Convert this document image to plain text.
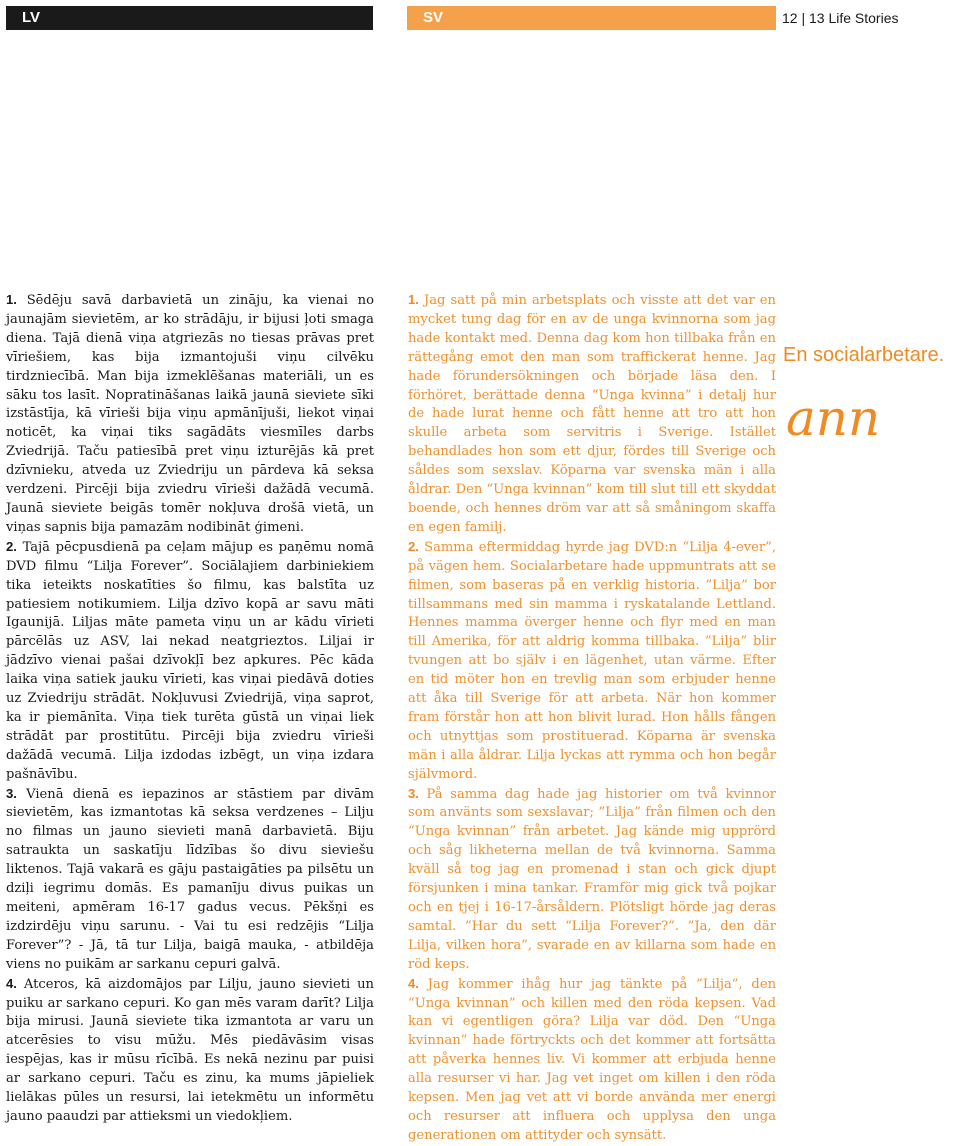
LV	SV	12 | 13 Life Stories

1. Sēdēju savā darbavietā un zināju, ka vienai no jaunajām sievietēm, ar ko strādāju, ir bijusi ļoti smaga diena. Tajā dienā viņa atgriezās no tiesas prāvas pret vīriešiem, kas bija izmantojuši viņu cilvēku tirdzniecībā. Man bija izmeklēšanas materiāli, un es sāku tos lasīt. Nopratināšanas laikā jaunā sieviete sīki izstāstīja, kā vīrieši bija viņu apmānījuši, liekot viņai noticēt, ka viņai tiks sagādāts viesmīles darbs Zviedrijā. Taču patiesībā pret viņu izturējās kā pret dzīvnieku, atveda uz Zviedriju un pārdeva kā seksa verdzeni. Pircēji bija zviedru vīrieši dažādā vecumā. Jaunā sieviete beigās tomēr nokļuva drošā vietā, un viņas sapnis bija pamazām nodibināt ģimeni.

2. Tajā pēcpusdienā pa ceļam mājup es paņēmu nomā DVD filmu “Lilja Forever”. Sociālajiem darbiniekiem tika ieteikts noskatīties šo filmu, kas balstīta uz patiesiem notikumiem. Lilja dzīvo kopā ar savu māti Igaunijā. Liljas māte pameta viņu un ar kādu vīrieti pārcēlās uz ASV, lai nekad neatgrieztos. Liljai ir jādzīvo vienai pašai dzīvokļī bez apkures. Pēc kāda laika viņa satiek jauku vīrieti, kas viņai piedāvā doties uz Zviedriju strādāt. Nokļuvusi Zviedrijā, viņa saprot, ka ir piemānīta. Viņa tiek turēta gūstā un viņai liek strādāt par prostitūtu. Pircēji bija zviedru vīrieši dažādā vecumā. Lilja izdodas izbēgt, un viņa izdara pašnāvību.

3. Vienā dienā es iepazinos ar stāstiem par divām sievietēm, kas izmantotas kā seksa verdzenes – Lilju no filmas un jauno sievieti manā darbavietā. Biju satraukta un saskatīju līdzības šo divu sieviešu liktenos. Tajā vakarā es gāju pastaigāties pa pilsētu un dziļi iegrimu domās. Es pamanīju divus puikas un meiteni, apmēram 16-17 gadus vecus. Pēkšņi es izdzirdēju viņu sarunu. - Vai tu esi redzējis “Lilja Forever”? - Jā, tā tur Lilja, baigā mauka, - atbildēja viens no puikām ar sarkanu cepuri galvā.

4. Atceros, kā aizdomājos par Lilju, jauno sievieti un puiku ar sarkano cepuri. Ko gan mēs varam darīt? Lilja bija mirusi. Jaunā sieviete tika izmantota ar varu un atcerēsies to visu mūžu. Mēs piedāvāsim visas iespējas, kas ir mūsu rīcībā. Es nekā nezinu par puisi ar sarkano cepuri. Taču es zinu, ka mums jāpieliek lielākas pūles un resursi, lai ietekmētu un informētu jauno paaudzi par attieksmi un viedokļiem.

1. Jag satt på min arbetsplats och visste att det var en mycket tung dag för en av de unga kvinnorna som jag hade kontakt med. Denna dag kom hon tillbaka från en rättegång emot den man som traffickerat henne. Jag hade förundersökningen och började läsa den. I förhöret, berättade denna “Unga kvinna” i detalj hur de hade lurat henne och fått henne att tro att hon skulle arbeta som servitris i Sverige. Istället behandlades hon som ett djur, fördes till Sverige och såldes som sexslav. Köparna var svenska män i alla åldrar. Den “Unga kvinnan” kom till slut till ett skyddat boende, och hennes dröm var att så småningom skaffa en egen familj.

2. Samma eftermiddag hyrde jag DVD:n “Lilja 4-ever”, på vägen hem. Socialarbetare hade uppmuntrats att se filmen, som baseras på en verklig historia. ”Lilja” bor tillsammans med sin mamma i ryskatalande Lettland. Hennes mamma överger henne och flyr med en man till Amerika, för att aldrig komma tillbaka. ”Lilja” blir tvungen att bo själv i en lägenhet, utan värme. Efter en tid möter hon en trevlig man som erbjuder henne att åka till Sverige för att arbeta. När hon kommer fram förstår hon att hon blivit lurad. Hon hålls fången och utnyttjas som prostituerad. Köparna är svenska män i alla åldrar. Lilja lyckas att rymma och hon begår självmord.

3. På samma dag hade jag historier om två kvinnor som använts som sexslavar; ”Lilja” från filmen och den “Unga kvinnan” från arbetet. Jag kände mig upprörd och såg likheterna mellan de två kvinnorna. Samma kväll så tog jag en promenad i stan och gick djupt försjunken i mina tankar. Framför mig gick två pojkar och en tjej i 16-17-årsåldern. Plötsligt hörde jag deras samtal. ”Har du sett “Lilja Forever?”. ”Ja, den där Lilja, vilken hora”, svarade en av killarna som hade en röd keps.

4. Jag kommer ihåg hur jag tänkte på ”Lilja”, den “Unga kvinnan” och killen med den röda kepsen. Vad kan vi egentligen göra? Lilja var död. Den “Unga kvinnan” hade förtryckts och det kommer att fortsätta att påverka hennes liv. Vi kommer att erbjuda henne alla resurser vi har. Jag vet inget om killen i den röda kepsen. Men jag vet att vi borde använda mer energi och resurser att influera och upplysa den unga generationen om attityder och synsätt.

En socialarbetare.
ann
